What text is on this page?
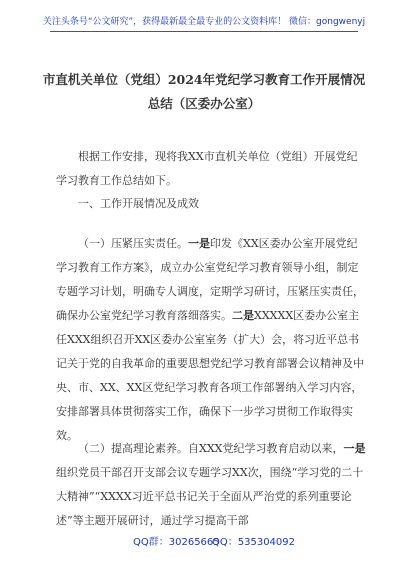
关注头条号“公文研究”，获得最新最全最专业的公文资料库！ 微信：gongwenyj
市直机关单位（党组）2024年党纪学习教育工作开展情况
总结（区委办公室）

根据工作安排，现将我XX市直机关单位（党组）开展党纪学习教育工作总结如下。

一、工作开展情况及成效

（一）压紧压实责任。一是印发《XX区委办公室开展党纪学习教育工作方案》，成立办公室党纪学习教育领导小组，制定专题学习计划，明确专人调度，定期学习研讨，压紧压实责任，确保办公室党纪学习教育落细落实。二是XXXXX区委办公室主任XXX组织召开XX区委办公室室务（扩大）会，将习近平总书记关于党的自我革命的重要思想党纪学习教育部署会议精神及中央、市、XX、XX区党纪学习教育各项工作部署纳入学习内容，安排部署具体贯彻落实工作，确保下一步学习贯彻工作取得实效。

（二）提高理论素养。自XXX党纪学习教育启动以来，一是组织党员干部召开支部会议专题学习XX次，围绕“学习党的二十大精神”“XXXX习近平总书记关于全面从严治党的系列重要论述”等主题开展研讨，通过学习提高干部

QQ群：30265665
QQ：535304092
